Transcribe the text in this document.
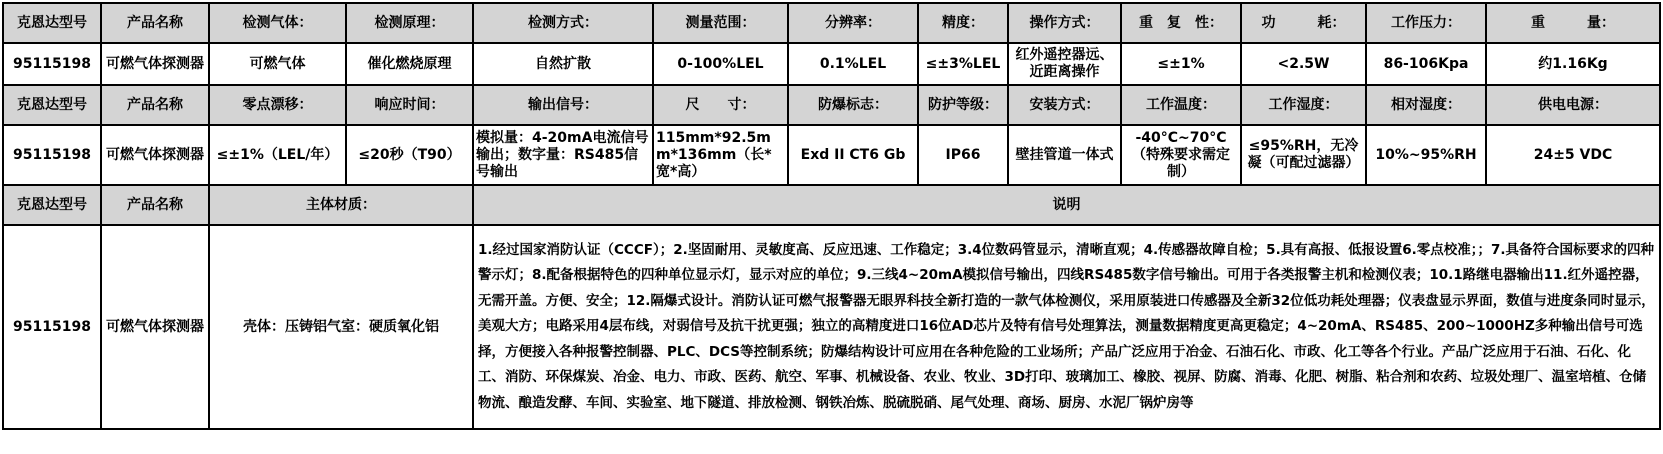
克恩达型号	产品名称	检测气体：	检测原理：	检测方式：	测量范围：	分辨率：	精度：	操作方式：	重　复　性：	功　　　耗：	工作压力：	重　　　量：
95115198	可燃气体探测器	可燃气体	催化燃烧原理	自然扩散	0-100%LEL	0.1%LEL	≤±3%LEL	红外遥控器远、近距离操作	≤±1%	<2.5W	86-106Kpa	约1.16Kg
克恩达型号	产品名称	零点漂移：	响应时间：	输出信号：	尺　　寸：	防爆标志：	防护等级：	安装方式：	工作温度：	工作湿度：	相对湿度：	供电电源：
95115198	可燃气体探测器	≤±1%（LEL/年）	≤20秒（T90）	模拟量：4-20mA电流信号输出；数字量：RS485信号输出	115mm*92.5mm*136mm（长*宽*高）	Exd II CT6 Gb	IP66	壁挂管道一体式	-40°C~70°C（特殊要求需定制）	≤95%RH，无冷凝（可配过滤器）	10%~95%RH	24±5 VDC
克恩达型号	产品名称	主体材质：		说明								
95115198	可燃气体探测器	壳体：压铸铝气室：硬质氧化铝		1.经过国家消防认证（CCCF）；2.坚固耐用、灵敏度高、反应迅速、工作稳定；3.4位数码管显示，清晰直观；4.传感器故障自检；5.具有高报、低报设置6.零点校准；；7.具备符合国标要求的四种警示灯；8.配备根据特色的四种单位显示灯，显示对应的单位；9.三线4~20mA模拟信号输出，四线RS485数字信号输出。可用于各类报警主机和检测仪表；10.1路继电器输出11.红外遥控器，无需开盖。方便、安全；12.隔爆式设计。消防认证可燃气报警器无眼界科技全新打造的一款气体检测仪，采用原装进口传感器及全新32位低功耗处理器；仪表盘显示界面，数值与进度条同时显示，美观大方；电路采用4层布线，对弱信号及抗干扰更强；独立的高精度进口16位AD芯片及特有信号处理算法，测量数据精度更高更稳定；4~20mA、RS485、200~1000HZ多种输出信号可选择，方便接入各种报警控制器、PLC、DCS等控制系统；防爆结构设计可应用在各种危险的工业场所；产品广泛应用于冶金、石油石化、市政、化工等各个行业。产品广泛应用于石油、石化、化工、消防、环保煤炭、冶金、电力、市政、医药、航空、军事、机械设备、农业、牧业、3D打印、玻璃加工、橡胶、视屏、防腐、消毒、化肥、树脂、粘合剂和农药、垃圾处理厂、温室培植、仓储物流、酿造发酵、车间、实验室、地下隧道、排放检测、钢铁冶炼、脱硫脱硝、尾气处理、商场、厨房、水泥厂锅炉房等								
